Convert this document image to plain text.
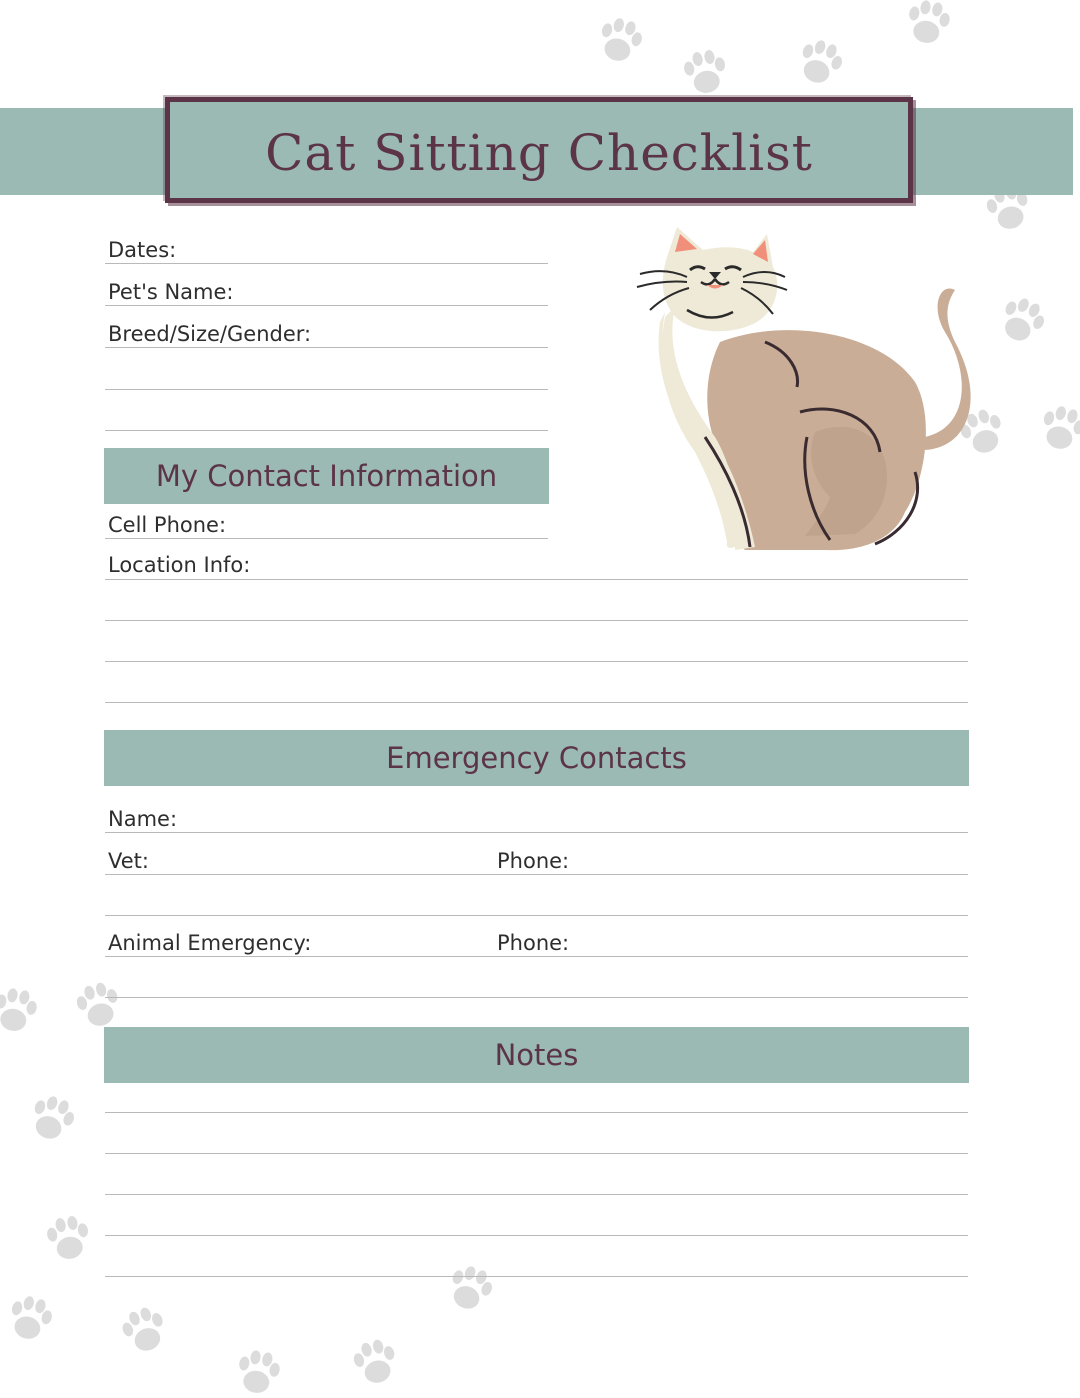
Cat Sitting Checklist
Dates:
Pet's Name:
Breed/Size/Gender:
My Contact Information
Cell Phone:
Location Info:
Emergency Contacts
Name:
Vet:	Phone:
Animal Emergency:	Phone:
Notes
